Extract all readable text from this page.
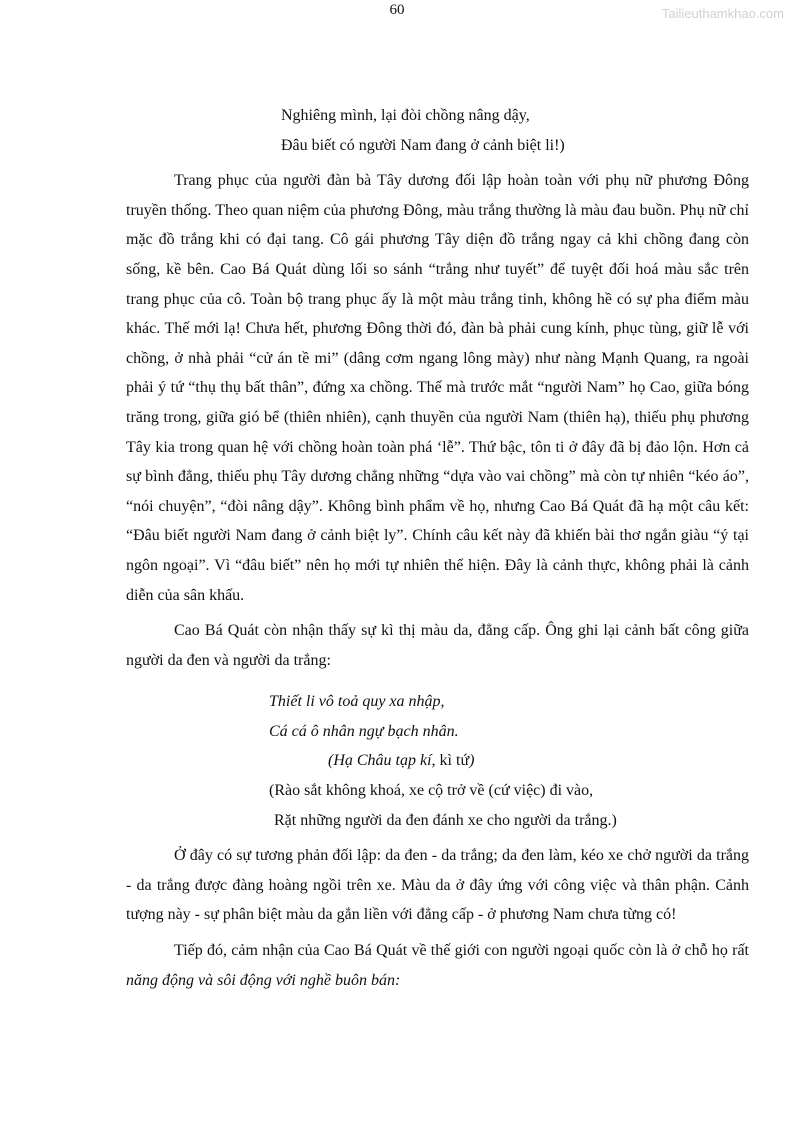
60	Tailieuthamkhao.com
Nghiêng mình, lại đòi chồng nâng dậy,
Đâu biết có người Nam đang ở cảnh biệt li!)

Trang phục của người đàn bà Tây dương đối lập hoàn toàn với phụ nữ phương Đông truyền thống. Theo quan niệm của phương Đông, màu trắng thường là màu đau buồn. Phụ nữ chỉ mặc đồ trắng khi có đại tang. Cô gái phương Tây diện đồ trắng ngay cả khi chồng đang còn sống, kề bên. Cao Bá Quát dùng lối so sánh “trắng như tuyết” để tuyệt đối hoá màu sắc trên trang phục của cô. Toàn bộ trang phục ấy là một màu trắng tinh, không hề có sự pha điểm màu khác. Thế mới lạ! Chưa hết, phương Đông thời đó, đàn bà phải cung kính, phục tùng, giữ lễ với chồng, ở nhà phải “cử án tề mi” (dâng cơm ngang lông mày) như nàng Mạnh Quang, ra ngoài phải ý tứ “thụ thụ bất thân”, đứng xa chồng. Thế mà trước mắt “người Nam” họ Cao, giữa bóng trăng trong, giữa gió bể (thiên nhiên), cạnh thuyền của người Nam (thiên hạ), thiếu phụ phương Tây kia trong quan hệ với chồng hoàn toàn phá ‘lễ”. Thứ bậc, tôn ti ở đây đã bị đảo lộn. Hơn cả sự bình đẳng, thiếu phụ Tây dương chẳng những “dựa vào vai chồng” mà còn tự nhiên “kéo áo”, “nói chuyện”, “đòi nâng dậy”. Không bình phẩm về họ, nhưng Cao Bá Quát đã hạ một câu kết: “Đâu biết người Nam đang ở cảnh biệt ly”. Chính câu kết này đã khiến bài thơ ngắn giàu “ý tại ngôn ngoại”. Vì “đâu biết” nên họ mới tự nhiên thể hiện. Đây là cảnh thực, không phải là cảnh diễn của sân khấu.

Cao Bá Quát còn nhận thấy sự kì thị màu da, đẳng cấp. Ông ghi lại cảnh bất công giữa người da đen và người da trắng:

Thiết li vô toả quy xa nhập,
Cá cá ô nhân ngự bạch nhân.
(Hạ Châu tạp kí, kì tứ)
(Rào sắt không khoá, xe cộ trở về (cứ việc) đi vào,
Rặt những người da đen đánh xe cho người da trắng.)

Ở đây có sự tương phản đối lập: da đen - da trắng; da đen làm, kéo xe chở người da trắng - da trắng được đàng hoàng ngồi trên xe. Màu da ở đây ứng với công việc và thân phận. Cảnh tượng này - sự phân biệt màu da gắn liền với đẳng cấp - ở phương Nam chưa từng có!

Tiếp đó, cảm nhận của Cao Bá Quát về thế giới con người ngoại quốc còn là ở chỗ họ rất năng động và sôi động với nghề buôn bán:
